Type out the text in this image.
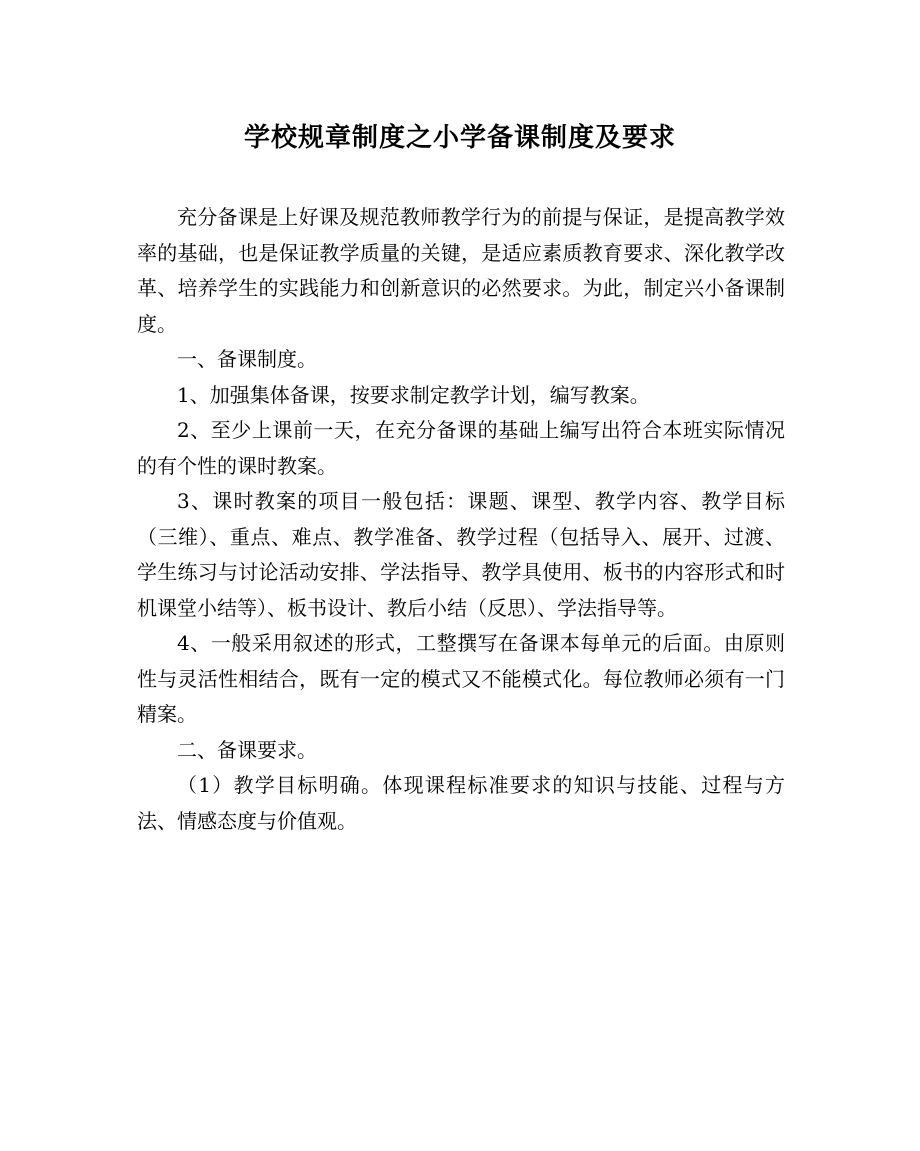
学校规章制度之小学备课制度及要求

充分备课是上好课及规范教师教学行为的前提与保证，是提高教学效率的基础，也是保证教学质量的关键，是适应素质教育要求、深化教学改革、培养学生的实践能力和创新意识的必然要求。为此，制定兴小备课制度。

一、备课制度。

1、加强集体备课，按要求制定教学计划，编写教案。

2、至少上课前一天，在充分备课的基础上编写出符合本班实际情况的有个性的课时教案。

3、课时教案的项目一般包括：课题、课型、教学内容、教学目标（三维）、重点、难点、教学准备、教学过程（包括导入、展开、过渡、学生练习与讨论活动安排、学法指导、教学具使用、板书的内容形式和时机课堂小结等）、板书设计、教后小结（反思）、学法指导等。

4、一般采用叙述的形式，工整撰写在备课本每单元的后面。由原则性与灵活性相结合，既有一定的模式又不能模式化。每位教师必须有一门精案。

二、备课要求。

（1）教学目标明确。体现课程标准要求的知识与技能、过程与方法、情感态度与价值观。
